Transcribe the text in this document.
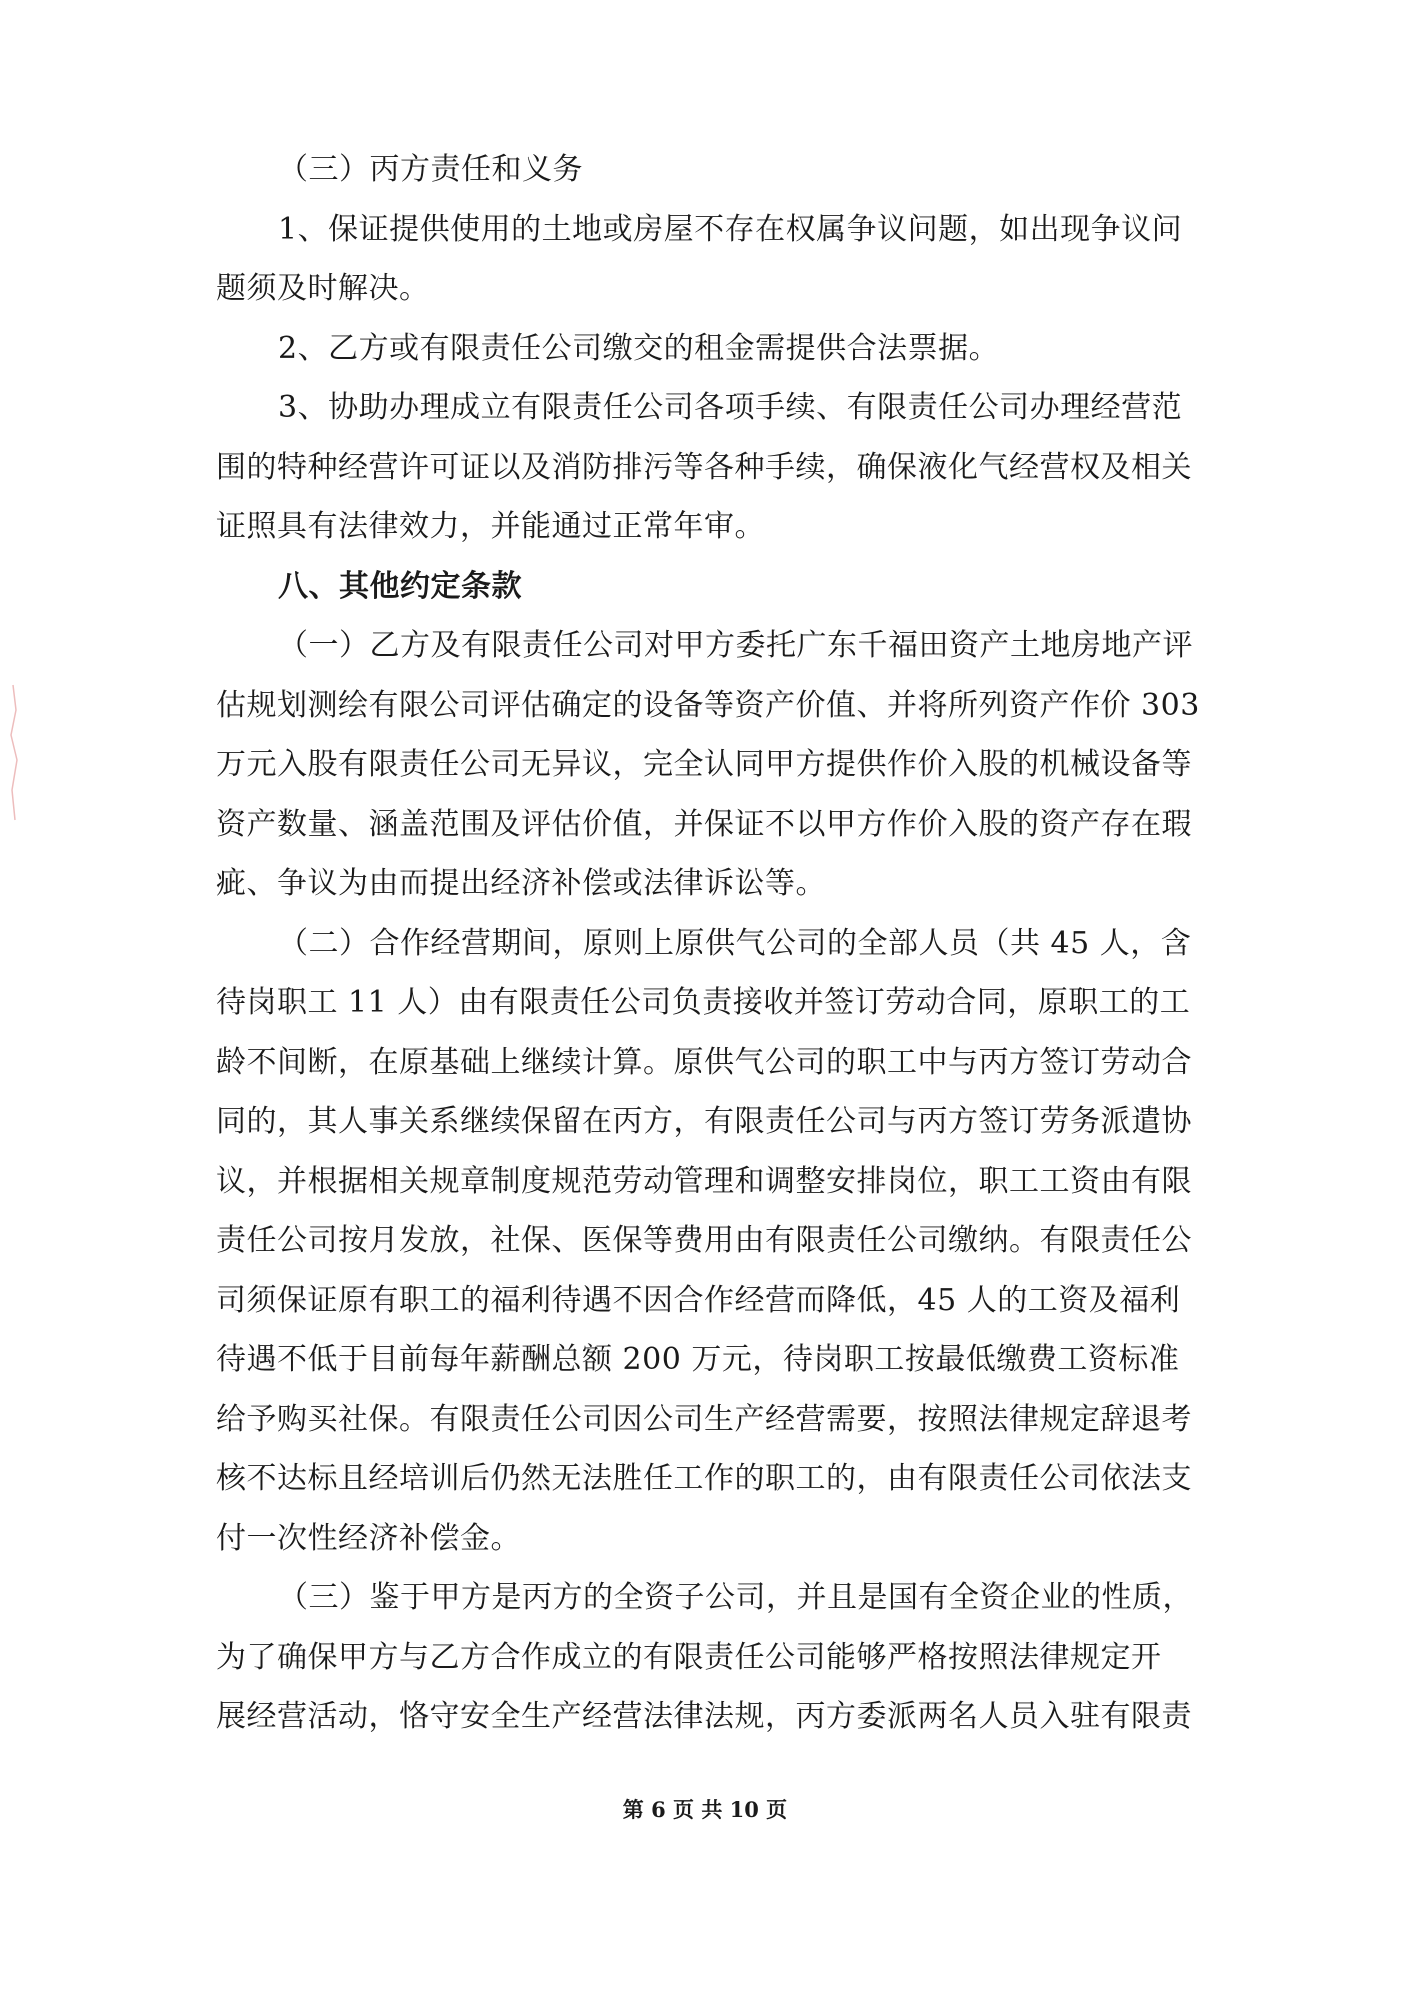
（三）丙方责任和义务
1、保证提供使用的土地或房屋不存在权属争议问题，如出现争议问
题须及时解决。
2、乙方或有限责任公司缴交的租金需提供合法票据。
3、协助办理成立有限责任公司各项手续、有限责任公司办理经营范
围的特种经营许可证以及消防排污等各种手续，确保液化气经营权及相关
证照具有法律效力，并能通过正常年审。
八、其他约定条款
（一）乙方及有限责任公司对甲方委托广东千福田资产土地房地产评
估规划测绘有限公司评估确定的设备等资产价值、并将所列资产作价 303
万元入股有限责任公司无异议，完全认同甲方提供作价入股的机械设备等
资产数量、涵盖范围及评估价值，并保证不以甲方作价入股的资产存在瑕
疵、争议为由而提出经济补偿或法律诉讼等。
（二）合作经营期间，原则上原供气公司的全部人员（共 45 人，含
待岗职工 11 人）由有限责任公司负责接收并签订劳动合同，原职工的工
龄不间断，在原基础上继续计算。原供气公司的职工中与丙方签订劳动合
同的，其人事关系继续保留在丙方，有限责任公司与丙方签订劳务派遣协
议，并根据相关规章制度规范劳动管理和调整安排岗位，职工工资由有限
责任公司按月发放，社保、医保等费用由有限责任公司缴纳。有限责任公
司须保证原有职工的福利待遇不因合作经营而降低，45 人的工资及福利
待遇不低于目前每年薪酬总额 200 万元，待岗职工按最低缴费工资标准
给予购买社保。有限责任公司因公司生产经营需要，按照法律规定辞退考
核不达标且经培训后仍然无法胜任工作的职工的，由有限责任公司依法支
付一次性经济补偿金。
（三）鉴于甲方是丙方的全资子公司，并且是国有全资企业的性质，
为了确保甲方与乙方合作成立的有限责任公司能够严格按照法律规定开
展经营活动，恪守安全生产经营法律法规，丙方委派两名人员入驻有限责
第 6 页 共 10 页
